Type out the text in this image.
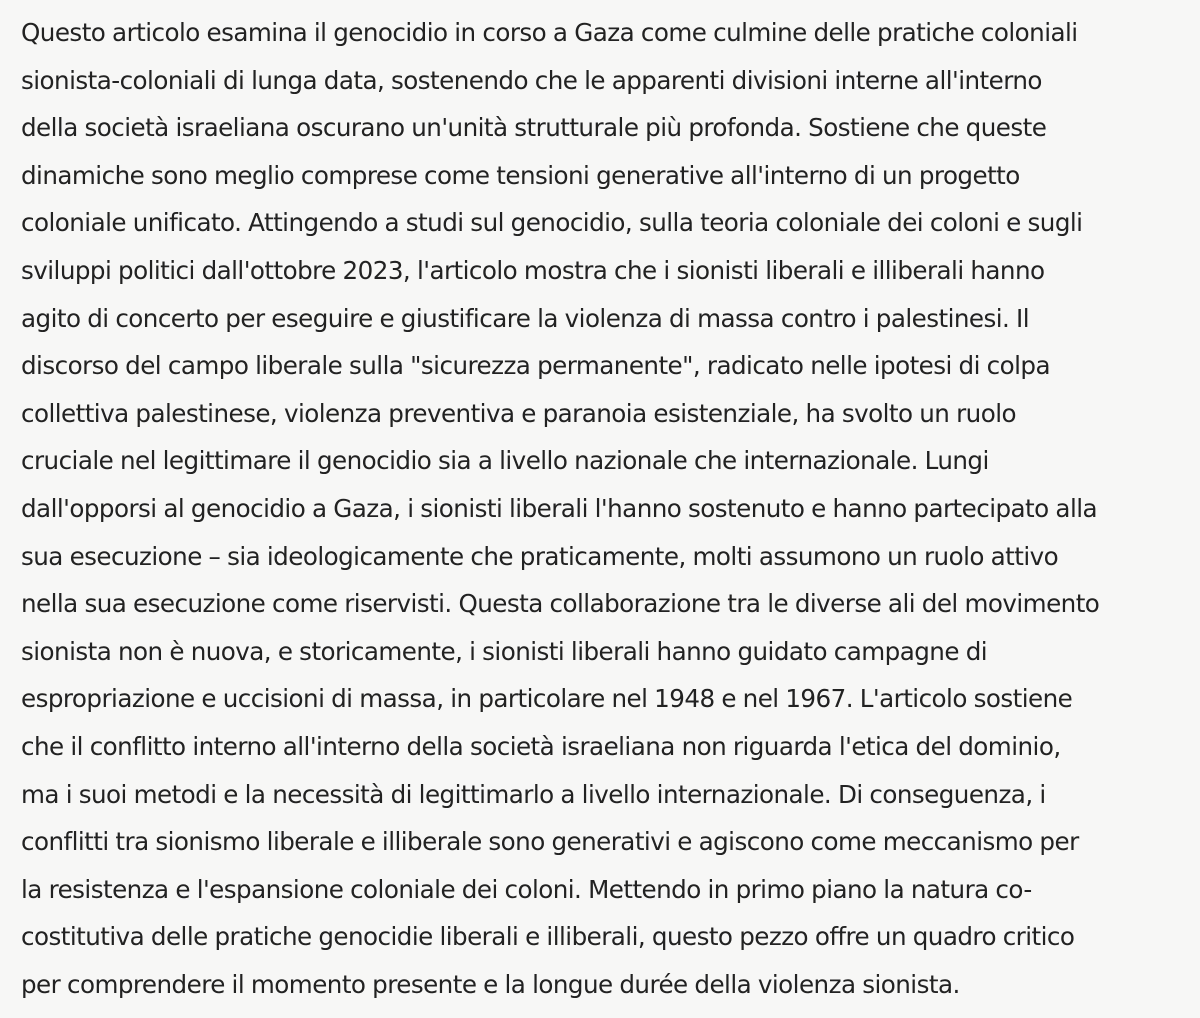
Questo articolo esamina il genocidio in corso a Gaza come culmine delle pratiche coloniali
sionista-coloniali di lunga data, sostenendo che le apparenti divisioni interne all'interno
della società israeliana oscurano un'unità strutturale più profonda. Sostiene che queste
dinamiche sono meglio comprese come tensioni generative all'interno di un progetto
coloniale unificato. Attingendo a studi sul genocidio, sulla teoria coloniale dei coloni e sugli
sviluppi politici dall'ottobre 2023, l'articolo mostra che i sionisti liberali e illiberali hanno
agito di concerto per eseguire e giustificare la violenza di massa contro i palestinesi. Il
discorso del campo liberale sulla "sicurezza permanente", radicato nelle ipotesi di colpa
collettiva palestinese, violenza preventiva e paranoia esistenziale, ha svolto un ruolo
cruciale nel legittimare il genocidio sia a livello nazionale che internazionale. Lungi
dall'opporsi al genocidio a Gaza, i sionisti liberali l'hanno sostenuto e hanno partecipato alla
sua esecuzione – sia ideologicamente che praticamente, molti assumono un ruolo attivo
nella sua esecuzione come riservisti. Questa collaborazione tra le diverse ali del movimento
sionista non è nuova, e storicamente, i sionisti liberali hanno guidato campagne di
espropriazione e uccisioni di massa, in particolare nel 1948 e nel 1967. L'articolo sostiene
che il conflitto interno all'interno della società israeliana non riguarda l'etica del dominio,
ma i suoi metodi e la necessità di legittimarlo a livello internazionale. Di conseguenza, i
conflitti tra sionismo liberale e illiberale sono generativi e agiscono come meccanismo per
la resistenza e l'espansione coloniale dei coloni. Mettendo in primo piano la natura co-
costitutiva delle pratiche genocidie liberali e illiberali, questo pezzo offre un quadro critico
per comprendere il momento presente e la longue durée della violenza sionista.
